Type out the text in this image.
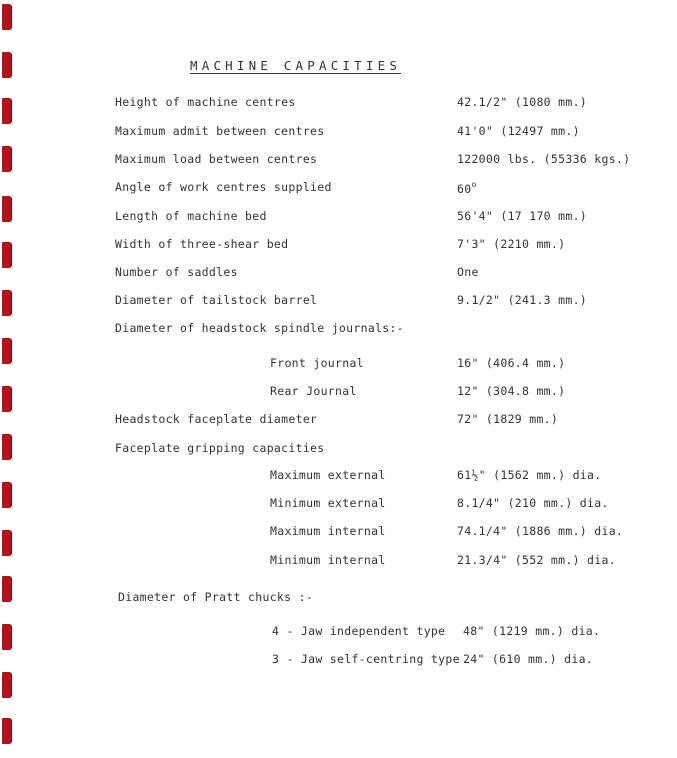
MACHINE CAPACITIES
Height of machine centres	42.1/2" (1080 mm.)
Maximum admit between centres	41'0" (12497 mm.)
Maximum load between centres	122000 lbs. (55336 kgs.)
Angle of work centres supplied	60$^o$
Length of machine bed	56'4" (17 170 mm.)
Width of three-shear bed	7'3" (2210 mm.)
Number of saddles	One
Diameter of tailstock barrel	9.1/2" (241.3 mm.)
Diameter of headstock spindle journals:-
Front journal	16" (406.4 mm.)
Rear Journal	12" (304.8 mm.)
Headstock faceplate diameter	72" (1829 mm.)
Faceplate gripping capacities
Maximum external	61½" (1562 mm.) dia.
Minimum external	8.1/4" (210 mm.) dia.
Maximum internal	74.1/4" (1886 mm.) dia.
Minimum internal	21.3/4" (552 mm.) dia.
Diameter of Pratt chucks :-
4 - Jaw independent type 48" (1219 mm.) dia.
3 - Jaw self-centring type 24" (610 mm.) dia.
